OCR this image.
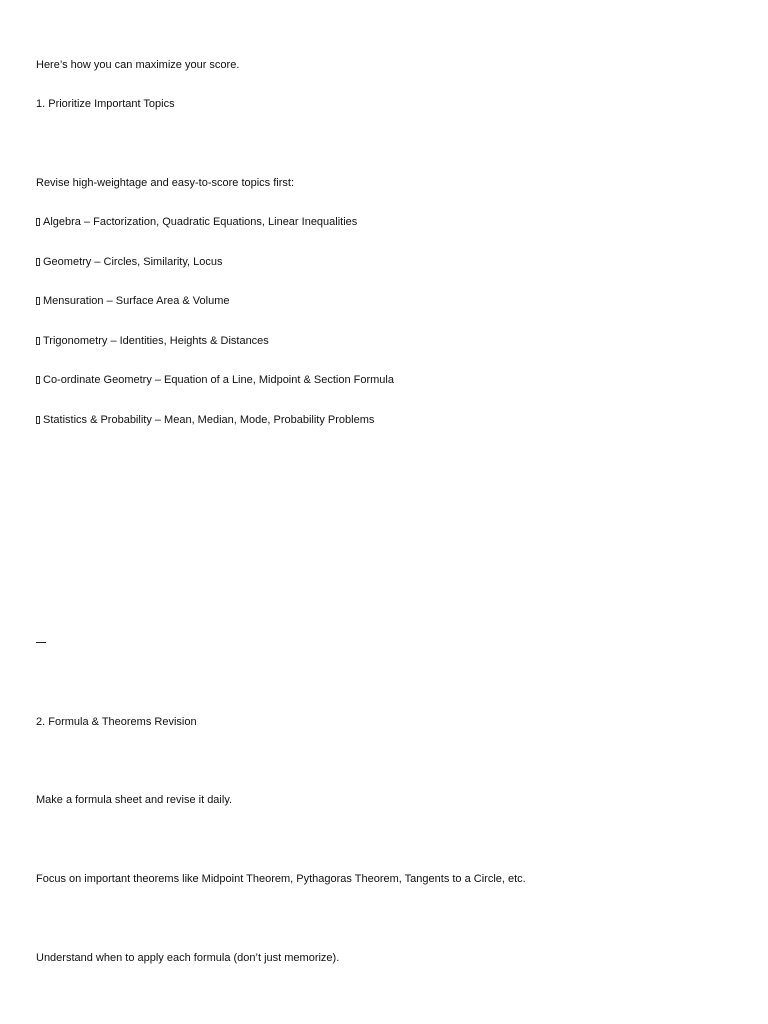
Here’s how you can maximize your score.
1. Prioritize Important Topics
Revise high-weightage and easy-to-score topics first:
Algebra – Factorization, Quadratic Equations, Linear Inequalities
Geometry – Circles, Similarity, Locus
Mensuration – Surface Area & Volume
Trigonometry – Identities, Heights & Distances
Co-ordinate Geometry – Equation of a Line, Midpoint & Section Formula
Statistics & Probability – Mean, Median, Mode, Probability Problems
2. Formula & Theorems Revision
Make a formula sheet and revise it daily.
Focus on important theorems like Midpoint Theorem, Pythagoras Theorem, Tangents to a Circle, etc.
Understand when to apply each formula (don’t just memorize).
